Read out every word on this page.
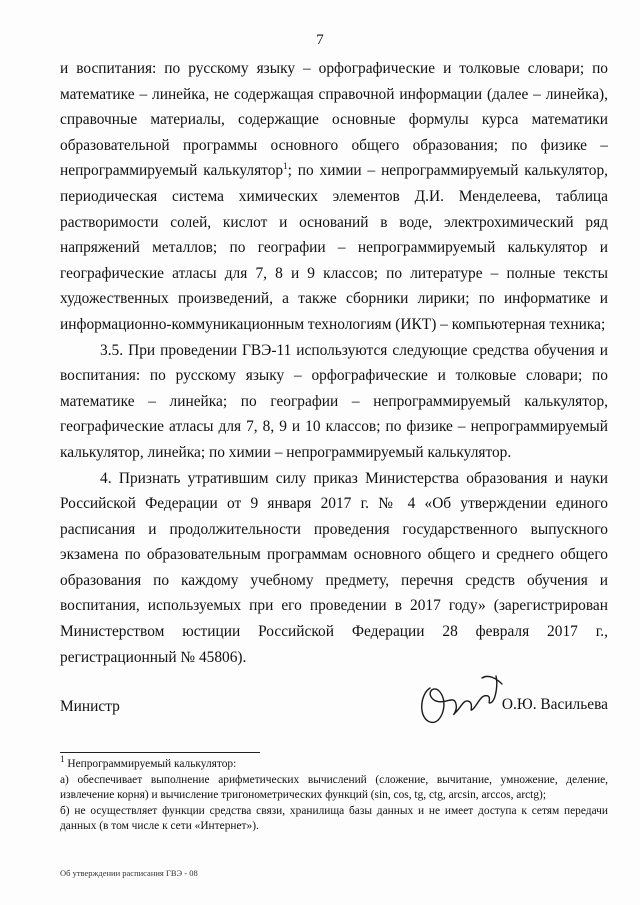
7

и воспитания: по русскому языку – орфографические и толковые словари; по математике – линейка, не содержащая справочной информации (далее – линейка), справочные материалы, содержащие основные формулы курса математики образовательной программы основного общего образования; по физике – непрограммируемый калькулятор$^1$; по химии – непрограммируемый калькулятор, периодическая система химических элементов Д.И. Менделеева, таблица растворимости солей, кислот и оснований в воде, электрохимический ряд напряжений металлов; по географии – непрограммируемый калькулятор и географические атласы для 7, 8 и 9 классов; по литературе – полные тексты художественных произведений, а также сборники лирики; по информатике и информационно-коммуникационным технологиям (ИКТ) – компьютерная техника;

3.5. При проведении ГВЭ-11 используются следующие средства обучения и воспитания: по русскому языку – орфографические и толковые словари; по математике – линейка; по географии – непрограммируемый калькулятор, географические атласы для 7, 8, 9 и 10 классов; по физике – непрограммируемый калькулятор, линейка; по химии – непрограммируемый калькулятор.

4. Признать утратившим силу приказ Министерства образования и науки Российской Федерации от 9 января 2017 г. № 4 «Об утверждении единого расписания и продолжительности проведения государственного выпускного экзамена по образовательным программам основного общего и среднего общего образования по каждому учебному предмету, перечня средств обучения и воспитания, используемых при его проведении в 2017 году» (зарегистрирован Министерством юстиции Российской Федерации 28 февраля 2017 г., регистрационный № 45806).

Министр	О.Ю. Васильева

$^1$ Непрограммируемый калькулятор:

а) обеспечивает выполнение арифметических вычислений (сложение, вычитание, умножение, деление, извлечение корня) и вычисление тригонометрических функций (sin, cos, tg, ctg, arcsin, arccos, arctg);

б) не осуществляет функции средства связи, хранилища базы данных и не имеет доступа к сетям передачи данных (в том числе к сети «Интернет»).

Об утверждении расписания ГВЭ - 08
